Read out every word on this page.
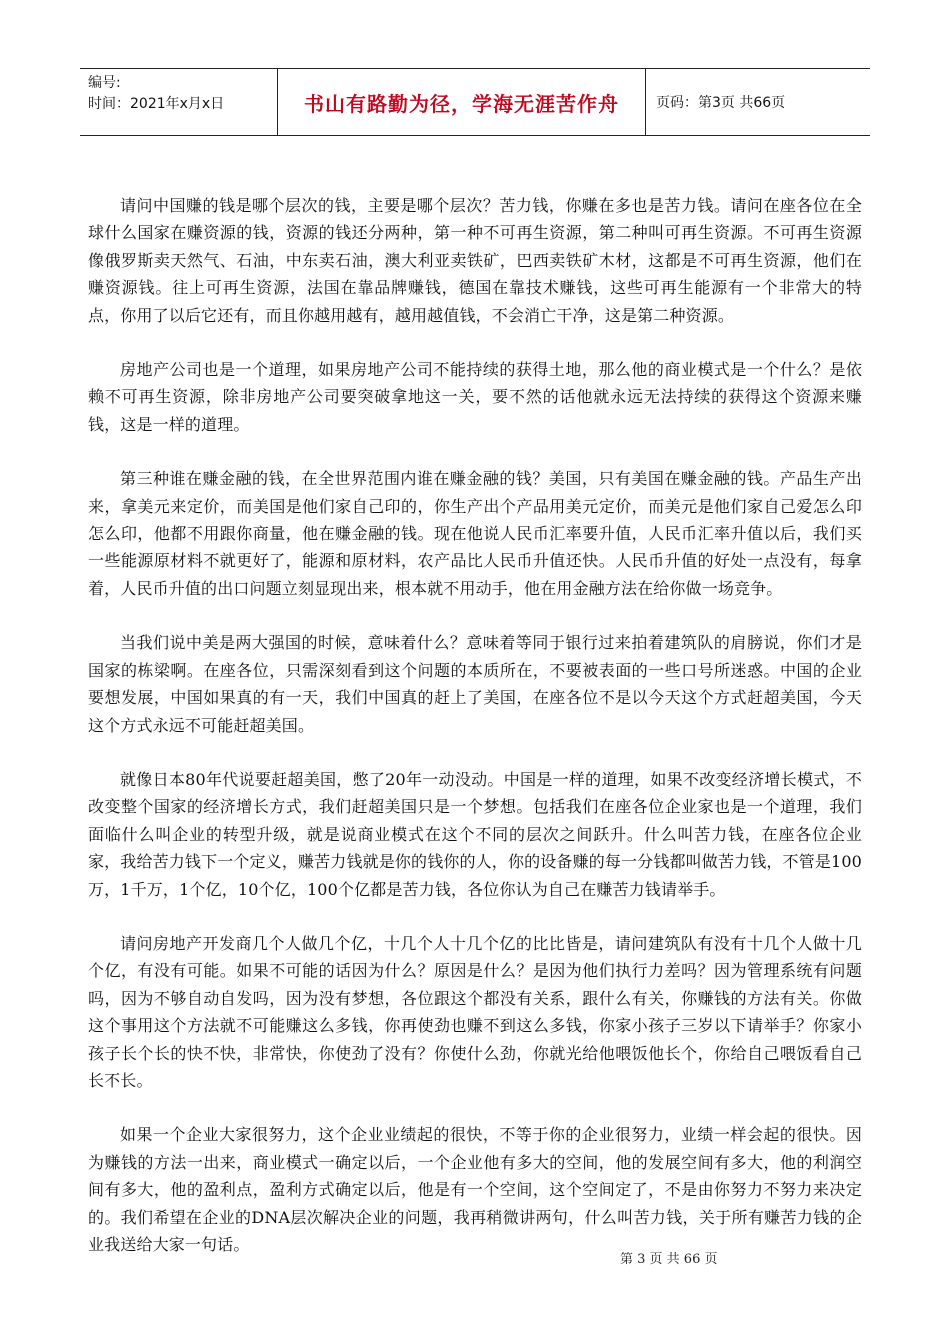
编号:
时间：2021年x月x日	书山有路勤为径，学海无涯苦作舟	页码：第3页 共66页

请问中国赚的钱是哪个层次的钱，主要是哪个层次？苦力钱，你赚在多也是苦力钱。请问在座各位在全球什么国家在赚资源的钱，资源的钱还分两种，第一种不可再生资源，第二种叫可再生资源。不可再生资源像俄罗斯卖天然气、石油，中东卖石油，澳大利亚卖铁矿，巴西卖铁矿木材，这都是不可再生资源，他们在赚资源钱。往上可再生资源，法国在靠品牌赚钱，德国在靠技术赚钱，这些可再生能源有一个非常大的特点，你用了以后它还有，而且你越用越有，越用越值钱，不会消亡干净，这是第二种资源。

房地产公司也是一个道理，如果房地产公司不能持续的获得土地，那么他的商业模式是一个什么？是依赖不可再生资源，除非房地产公司要突破拿地这一关，要不然的话他就永远无法持续的获得这个资源来赚钱，这是一样的道理。

第三种谁在赚金融的钱，在全世界范围内谁在赚金融的钱？美国，只有美国在赚金融的钱。产品生产出来，拿美元来定价，而美国是他们家自己印的，你生产出个产品用美元定价，而美元是他们家自己爱怎么印怎么印，他都不用跟你商量，他在赚金融的钱。现在他说人民币汇率要升值，人民币汇率升值以后，我们买一些能源原材料不就更好了，能源和原材料，农产品比人民币升值还快。人民币升值的好处一点没有，每拿着，人民币升值的出口问题立刻显现出来，根本就不用动手，他在用金融方法在给你做一场竞争。

当我们说中美是两大强国的时候，意味着什么？意味着等同于银行过来拍着建筑队的肩膀说，你们才是国家的栋梁啊。在座各位，只需深刻看到这个问题的本质所在，不要被表面的一些口号所迷惑。中国的企业要想发展，中国如果真的有一天，我们中国真的赶上了美国，在座各位不是以今天这个方式赶超美国，今天这个方式永远不可能赶超美国。

就像日本80年代说要赶超美国，憋了20年一动没动。中国是一样的道理，如果不改变经济增长模式，不改变整个国家的经济增长方式，我们赶超美国只是一个梦想。包括我们在座各位企业家也是一个道理，我们面临什么叫企业的转型升级，就是说商业模式在这个不同的层次之间跃升。什么叫苦力钱，在座各位企业家，我给苦力钱下一个定义，赚苦力钱就是你的钱你的人，你的设备赚的每一分钱都叫做苦力钱，不管是100万，1千万，1个亿，10个亿，100个亿都是苦力钱，各位你认为自己在赚苦力钱请举手。

请问房地产开发商几个人做几个亿，十几个人十几个亿的比比皆是，请问建筑队有没有十几个人做十几个亿，有没有可能。如果不可能的话因为什么？原因是什么？是因为他们执行力差吗？因为管理系统有问题吗，因为不够自动自发吗，因为没有梦想，各位跟这个都没有关系，跟什么有关，你赚钱的方法有关。你做这个事用这个方法就不可能赚这么多钱，你再使劲也赚不到这么多钱，你家小孩子三岁以下请举手？你家小孩子长个长的快不快，非常快，你使劲了没有？你使什么劲，你就光给他喂饭他长个，你给自己喂饭看自己长不长。

如果一个企业大家很努力，这个企业业绩起的很快，不等于你的企业很努力，业绩一样会起的很快。因为赚钱的方法一出来，商业模式一确定以后，一个企业他有多大的空间，他的发展空间有多大，他的利润空间有多大，他的盈利点，盈利方式确定以后，他是有一个空间，这个空间定了，不是由你努力不努力来决定的。我们希望在企业的DNA层次解决企业的问题，我再稍微讲两句，什么叫苦力钱，关于所有赚苦力钱的企业我送给大家一句话。

第 3 页 共 66 页
